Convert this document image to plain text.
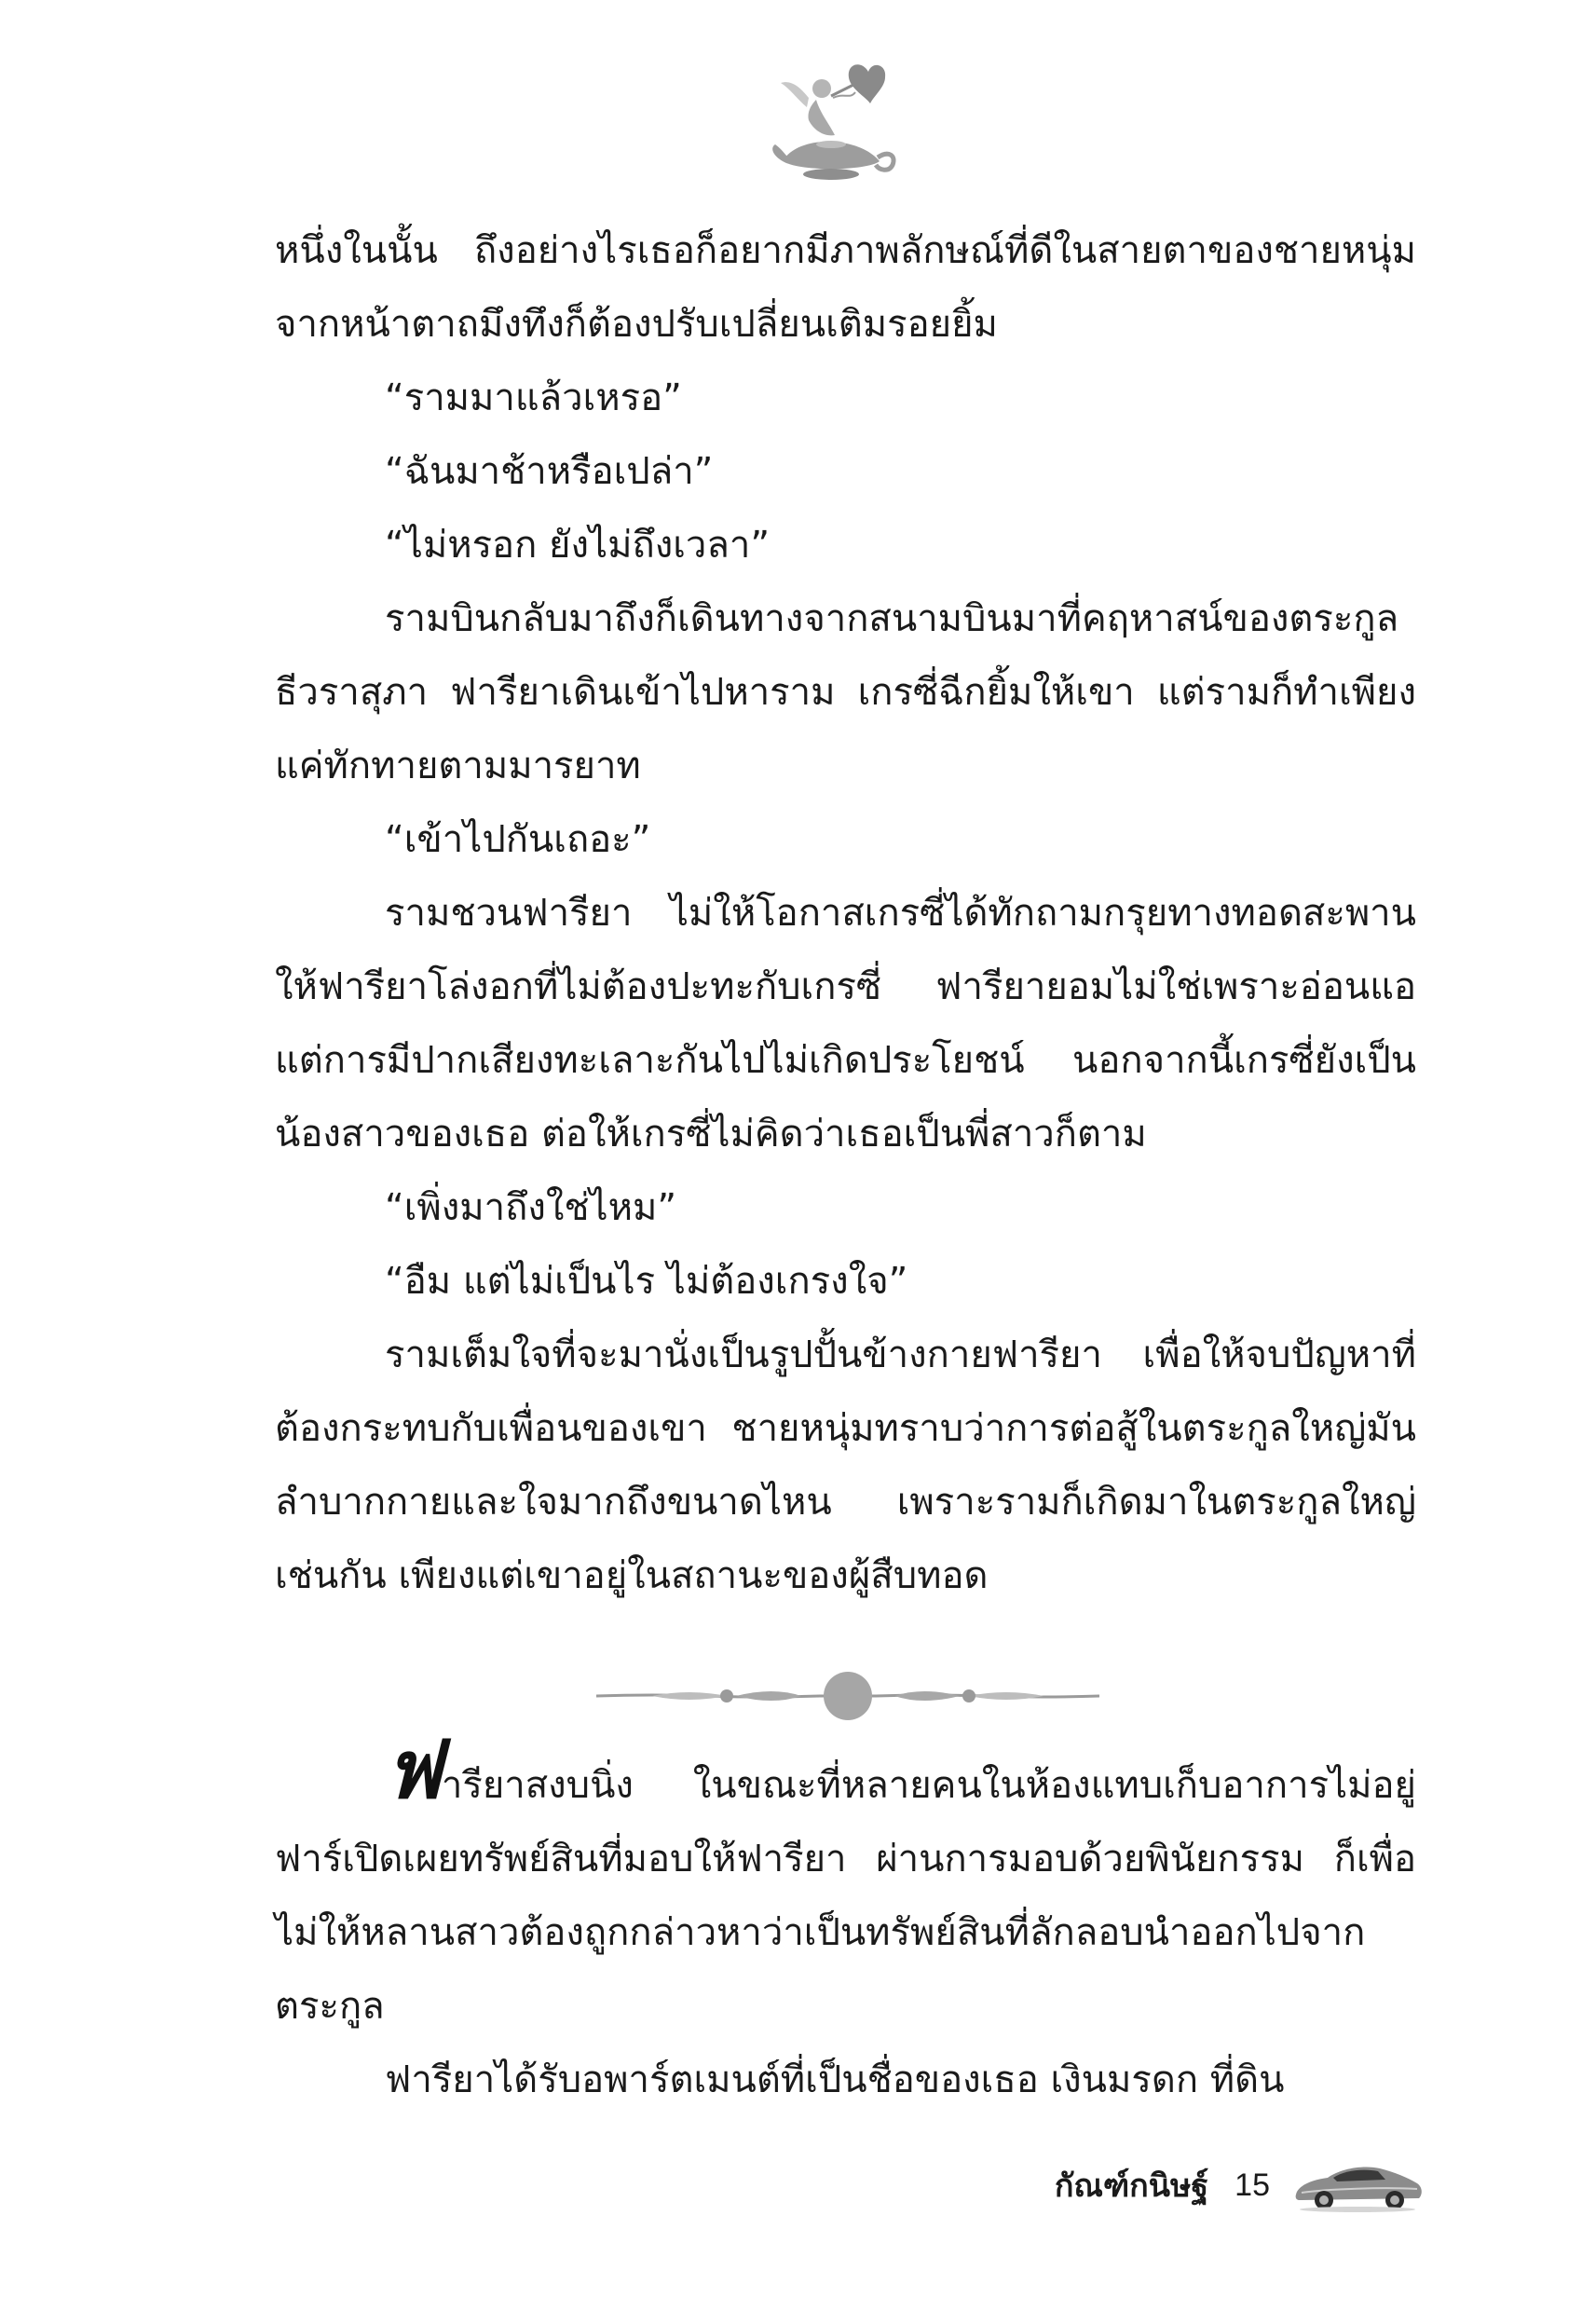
หนึ่งในนั้น ถึงอย่างไรเธอก็อยากมีภาพลักษณ์ที่ดีในสายตาของชายหนุ่ม จากหน้าตาถมึงทึงก็ต้องปรับเปลี่ยนเติมรอยยิ้ม

“รามมาแล้วเหรอ”

“ฉันมาช้าหรือเปล่า”

“ไม่หรอก ยังไม่ถึงเวลา”

รามบินกลับมาถึงก็เดินทางจากสนามบินมาที่คฤหาสน์ของตระกูลธีวราสุภา ฟารียาเดินเข้าไปหาราม เกรซี่ฉีกยิ้มให้เขา แต่รามก็ทำเพียงแค่ทักทายตามมารยาท

“เข้าไปกันเถอะ”

รามชวนฟารียา ไม่ให้โอกาสเกรซี่ได้ทักถามกรุยทางทอดสะพานให้ฟารียาโล่งอกที่ไม่ต้องปะทะกับเกรซี่ ฟารียายอมไม่ใช่เพราะอ่อนแอ แต่การมีปากเสียงทะเลาะกันไปไม่เกิดประโยชน์ นอกจากนี้เกรซี่ยังเป็นน้องสาวของเธอ ต่อให้เกรซี่ไม่คิดว่าเธอเป็นพี่สาวก็ตาม

“เพิ่งมาถึงใช่ไหม”

“อืม แต่ไม่เป็นไร ไม่ต้องเกรงใจ”

รามเต็มใจที่จะมานั่งเป็นรูปปั้นข้างกายฟารียา เพื่อให้จบปัญหาที่ต้องกระทบกับเพื่อนของเขา ชายหนุ่มทราบว่าการต่อสู้ในตระกูลใหญ่มันลำบากกายและใจมากถึงขนาดไหน เพราะรามก็เกิดมาในตระกูลใหญ่เช่นกัน เพียงแต่เขาอยู่ในสถานะของผู้สืบทอด

ฟารียาสงบนิ่ง ในขณะที่หลายคนในห้องแทบเก็บอาการไม่อยู่ ฟาร์เปิดเผยทรัพย์สินที่มอบให้ฟารียา ผ่านการมอบด้วยพินัยกรรม ก็เพื่อไม่ให้หลานสาวต้องถูกกล่าวหาว่าเป็นทรัพย์สินที่ลักลอบนำออกไปจากตระกูล

ฟารียาได้รับอพาร์ตเมนต์ที่เป็นชื่อของเธอ เงินมรดก ที่ดิน

กัณฑ์กนิษฐ์ 15
